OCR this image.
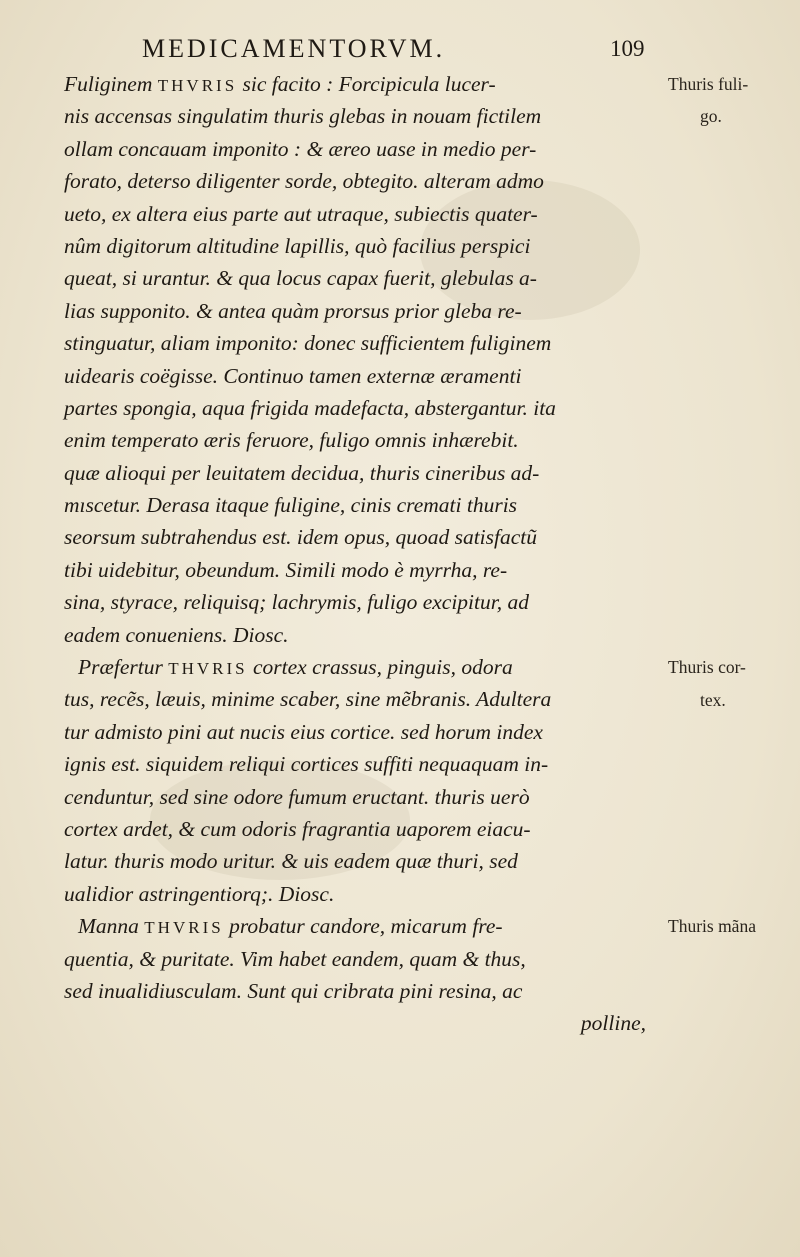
MEDICAMENTORVM.	109
Fuliginem THVRIS sic facito : Forcipicula lucer-
nis accensas singulatim thuris glebas in nouam fictilem
ollam concauam imponito : & æreo uase in medio per-
forato, deterso diligenter sorde, obtegito. alteram admo
ueto, ex altera eius parte aut utraque, subiectis quater-
nûm digitorum altitudine lapillis, quò facilius perspici
queat, si urantur. & qua locus capax fuerit, glebulas a-
lias supponito. & antea quàm prorsus prior gleba re-
stinguatur, aliam imponito: donec sufficientem fuliginem
uidearis coëgisse. Continuo tamen externæ æramenti
partes spongia, aqua frigida madefacta, abstergantur. ita
enim temperato æris feruore, fuligo omnis inhærebit.
quæ alioqui per leuitatem decidua, thuris cineribus ad-
mıscetur. Derasa itaque fuligine, cinis cremati thuris
seorsum subtrahendus est. idem opus, quoad satisfactũ
tibi uidebitur, obeundum. Simili modo è myrrha, re-
sina, styrace, reliquisq; lachrymis, fuligo excipitur, ad
eadem conueniens. Diosc.
Præfertur THVRIS cortex crassus, pinguis, odora
tus, recẽs, læuis, minime scaber, sine mẽbranis. Adultera
tur admisto pini aut nucis eius cortice. sed horum index
ignis est. siquidem reliqui cortices suffiti nequaquam in-
cenduntur, sed sine odore fumum eructant. thuris uerò
cortex ardet, & cum odoris fragrantia uaporem eiacu-
latur. thuris modo uritur. & uis eadem quæ thuri, sed
ualidior astringentiorq;. Diosc.
Manna THVRIS probatur candore, micarum fre-
quentia, & puritate. Vim habet eandem, quam & thus,
sed inualidiusculam. Sunt qui cribrata pini resina, ac
polline,
Thuris fuli-
go.
Thuris cor-
tex.
Thuris mãna
